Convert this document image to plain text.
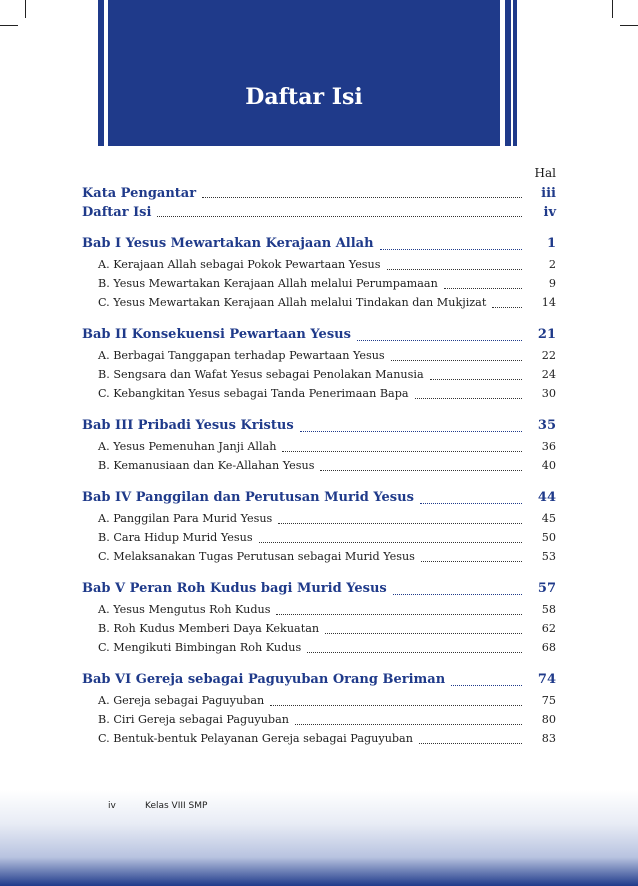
Daftar Isi
Hal
Kata Pengantar	iii
Daftar Isi	iv
Bab I Yesus Mewartakan Kerajaan Allah	1
A. Kerajaan Allah sebagai Pokok Pewartaan Yesus	2
B. Yesus Mewartakan Kerajaan Allah melalui Perumpamaan	9
C. Yesus Mewartakan Kerajaan Allah melalui Tindakan dan Mukjizat	14
Bab II Konsekuensi Pewartaan Yesus	21
A. Berbagai Tanggapan terhadap Pewartaan Yesus	22
B. Sengsara dan Wafat Yesus sebagai Penolakan Manusia	24
C. Kebangkitan Yesus sebagai Tanda Penerimaan Bapa	30
Bab III Pribadi Yesus Kristus	35
A. Yesus Pemenuhan Janji Allah	36
B. Kemanusiaan dan Ke-Allahan Yesus	40
Bab IV Panggilan dan Perutusan Murid Yesus	44
A. Panggilan Para Murid Yesus	45
B. Cara Hidup Murid Yesus	50
C. Melaksanakan Tugas Perutusan sebagai Murid Yesus	53
Bab V Peran Roh Kudus bagi Murid Yesus	57
A. Yesus Mengutus Roh Kudus	58
B. Roh Kudus Memberi Daya Kekuatan	62
C. Mengikuti Bimbingan Roh Kudus	68
Bab VI Gereja sebagai Paguyuban Orang Beriman	74
A. Gereja sebagai Paguyuban	75
B. Ciri Gereja sebagai Paguyuban	80
C. Bentuk-bentuk Pelayanan Gereja sebagai Paguyuban	83
iv	Kelas VIII SMP
